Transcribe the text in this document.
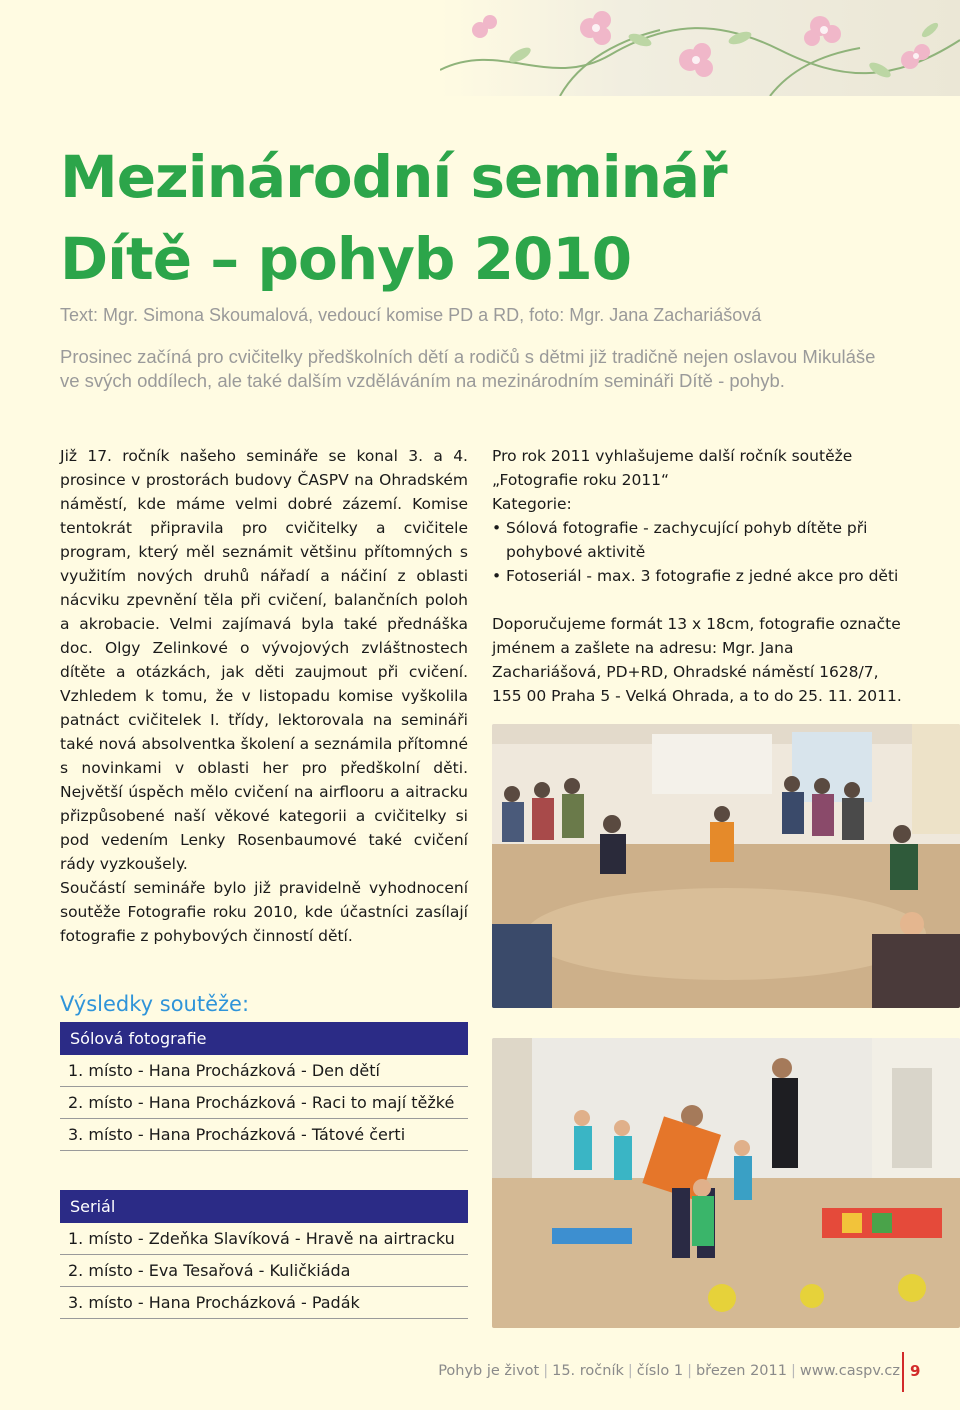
Mezinárodní seminář
Dítě – pohyb 2010
Text: Mgr. Simona Skoumalová, vedoucí komise PD a RD, foto: Mgr. Jana Zachariášová
Prosinec začíná pro cvičitelky předškolních dětí a rodičů s dětmi již tradičně nejen oslavou Mikuláše ve svých oddílech, ale také dalším vzděláváním na mezinárodním semináři Dítě - pohyb.

Již 17. ročník našeho semináře se konal 3. a 4. prosince v prostorách budovy ČASPV na Ohradském náměstí, kde máme velmi dobré zázemí. Komise tentokrát připravila pro cvičitelky a cvičitele program, který měl seznámit většinu přítomných s využitím nových druhů nářadí a náčiní z oblasti nácviku zpevnění těla při cvičení, balančních poloh a akrobacie. Velmi zajímavá byla také přednáška doc. Olgy Zelinkové o vývojových zvláštnostech dítěte a otázkách, jak děti zaujmout při cvičení. Vzhledem k tomu, že v listopadu komise vyškolila patnáct cvičitelek I. třídy, lektorovala na semináři také nová absolventka školení a seznámila přítomné s novinkami v oblasti her pro předškolní děti. Největší úspěch mělo cvičení na airflooru a aitracku přizpůsobené naší věkové kategorii a cvičitelky si pod vedením Lenky Rosenbaumové také cvičení rády vyzkoušely.

Součástí semináře bylo již pravidelně vyhodnocení soutěže Fotografie roku 2010, kde účastníci zasílají fotografie z pohybových činností dětí.

Pro rok 2011 vyhlašujeme další ročník soutěže „Fotografie roku 2011“

Kategorie:

• Sólová fotografie - zachycující pohyb dítěte při pohybové aktivitě
• Fotoseriál - max. 3 fotografie z jedné akce pro děti

Doporučujeme formát 13 x 18cm, fotografie označte jménem a zašlete na adresu: Mgr. Jana Zachariášová, PD+RD, Ohradské náměstí 1628/7, 155 00 Praha 5 - Velká Ohrada, a to do 25. 11. 2011.

Výsledky soutěže:
Sólová fotografie
1. místo - Hana Procházková - Den dětí
2. místo - Hana Procházková - Raci to mají těžké
3. místo - Hana Procházková - Tátové čerti
Seriál
1. místo - Zdeňka Slavíková - Hravě na airtracku
2. místo - Eva Tesařová - Kuličkiáda
3. místo - Hana Procházková - Padák
Pohyb je život | 15. ročník | číslo 1 | březen 2011 | www.caspv.cz 9
